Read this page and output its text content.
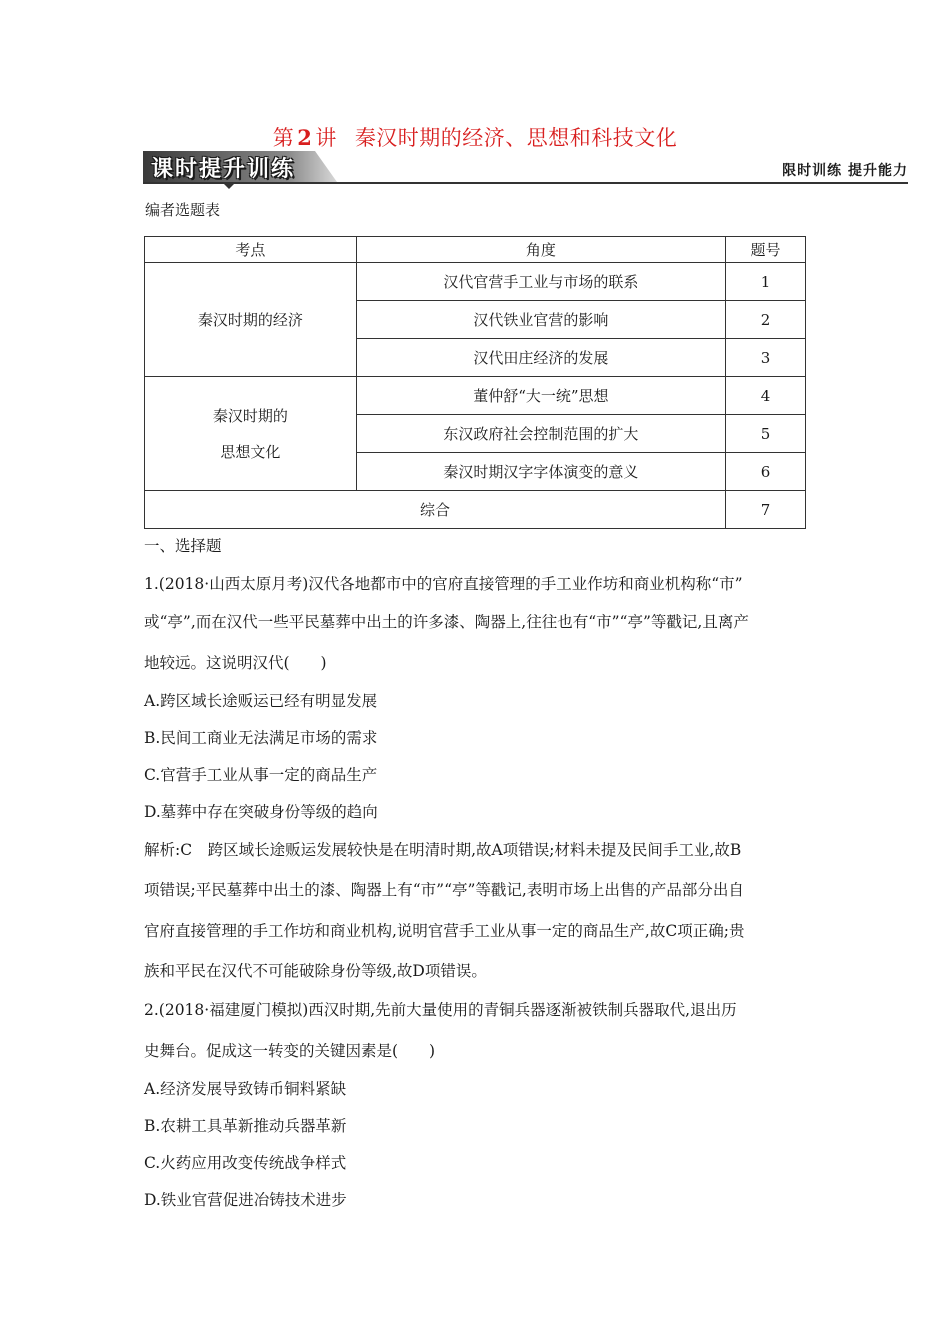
第 2 讲 秦汉时期的经济、思想和科技文化
课时提升训练	限时训练 提升能力
编者选题表
考点	角度	题号
秦汉时期的经济	汉代官营手工业与市场的联系	1
	汉代铁业官营的影响	2
	汉代田庄经济的发展	3

秦汉时期的
思想文化	董仲舒“大一统”思想	4
	东汉政府社会控制范围的扩大	5
	秦汉时期汉字字体演变的意义	6
综合		7
一、选择题
1.(2018·山西太原月考)汉代各地都市中的官府直接管理的手工业作坊和商业机构称“市”
或“亭”,而在汉代一些平民墓葬中出土的许多漆、陶器上,往往也有“市”“亭”等戳记,且离产
地较远。这说明汉代(　　)
A.跨区域长途贩运已经有明显发展
B.民间工商业无法满足市场的需求
C.官营手工业从事一定的商品生产
D.墓葬中存在突破身份等级的趋向
解析:C　跨区域长途贩运发展较快是在明清时期,故A项错误;材料未提及民间手工业,故B
项错误;平民墓葬中出土的漆、陶器上有“市”“亭”等戳记,表明市场上出售的产品部分出自
官府直接管理的手工作坊和商业机构,说明官营手工业从事一定的商品生产,故C项正确;贵
族和平民在汉代不可能破除身份等级,故D项错误。
2.(2018·福建厦门模拟)西汉时期,先前大量使用的青铜兵器逐渐被铁制兵器取代,退出历
史舞台。促成这一转变的关键因素是(　　)
A.经济发展导致铸币铜料紧缺
B.农耕工具革新推动兵器革新
C.火药应用改变传统战争样式
D.铁业官营促进冶铸技术进步
